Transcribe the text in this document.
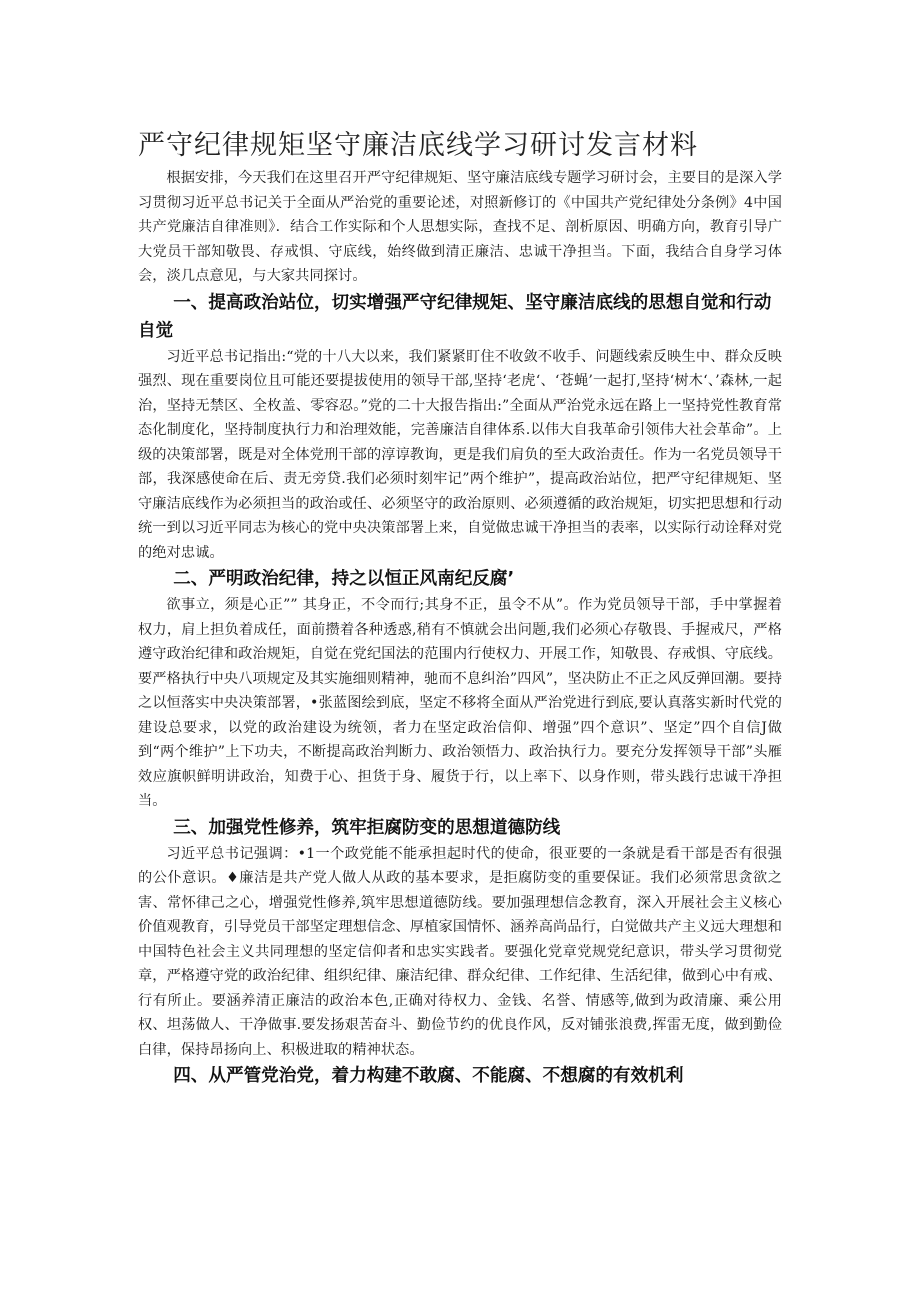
严守纪律规矩坚守廉洁底线学习研讨发言材料

根据安排，今天我们在这里召开严守纪律规矩、坚守廉洁底线专题学习研讨会，主要目的是深入学习贯彻习近平总书记关于全面从严治党的重要论述，对照新修订的《中国共产党纪律处分条例》4中国共产党廉洁自律准则》．结合工作实际和个人思想实际，查找不足、剖析原因、明确方向，教育引导广大党员干部知敬畏、存戒惧、守底线，始终做到清正廉洁、忠诚干净担当。下面，我结合自身学习体会，淡几点意见，与大家共同探讨。

一、提高政治站位，切实增强严守纪律规矩、坚守廉洁底线的思想自觉和行动自觉

习近平总书记指出:“党的十八大以来，我们紧紧盯住不收敛不收手、问题线索反映生中、群众反映强烈、现在重要岗位且可能还要提拔使用的领导干部,坚持‘老虎‘、‘苍蝇’一起打,坚持‘树木‘、’森林,一起治，坚持无禁区、全枚盖、零容忍。”党的二十大报告指出:”全面从严治党永远在路上一坚持党性教育常态化制度化，坚持制度执行力和治理效能，完善廉洁自律体系.以伟大自我革命引领伟大社会革命”。上级的决策部署，既是对全体党刑干部的淳谆教询，更是我们肩负的至大政治责任。作为一名党员领导干部，我深感使命在后、责无旁贷.我们必须时刻牢记”两个维护”，提高政治站位，把严守纪律规矩、坚守廉洁底线作为必须担当的政治或任、必须坚守的政治原则、必须遵循的政治规矩，切实把思想和行动统一到以习近平同志为核心的党中央决策部署上来，自觉做忠诚干净担当的表率，以实际行动诠释对党的绝对忠诚。

二、严明政治纪律，持之以恒正风南纪反腐’

欲事立，须是心正”” 其身正，不令而行;其身不正，虽令不从”。作为党员领导干部，手中掌握着权力，肩上担负着成任，面前攒着各种透惑,稍有不慎就会出问题,我们必须心存敬畏、手握戒尺，严格遵守政治纪律和政治规矩，自觉在党纪国法的范围内行使权力、开展工作，知敬畏、存戒惧、守底线。要严格执行中央八项规定及其实施细则精神，驰而不息纠治”四风”，坚决防止不正之风反弹回潮。要持之以恒落实中央决策部署，•张蓝图绘到底，坚定不移将全面从严治党进行到底,要认真落实新时代党的建设总要求，以党的政治建设为统领，者力在坚定政治信仰、增强”四个意识”、坚定”四个自信J做到“两个维护”上下功夫，不断提高政治判断力、政治领悟力、政治执行力。要充分发挥领导干部”头雁效应旗帜鲜明讲政治，知费于心、担货于身、履货于行，以上率下、以身作则，带头践行忠诚干净担当。

三、加强党性修养，筑牢拒腐防变的思想道德防线

习近平总书记强调：•1一个政党能不能承担起时代的使命，很亚要的一条就是看干部是否有很强的公仆意识。♦廉洁是共产党人做人从政的基本要求，是拒腐防变的重要保证。我们必须常思贪欲之害、常怀律己之心，增强党性修养,筑牢思想道德防线。要加强理想信念教育，深入开展社会主义核心价值观教育，引导党员干部坚定理想信念、厚植家国情怀、涵养高尚品行，白觉做共产主义远大理想和中国特色社会主义共同理想的坚定信仰者和忠实实践者。要强化党章党规党纪意识，带头学习贯彻党章，严格遵守党的政治纪律、组织纪律、廉洁纪律、群众纪律、工作纪律、生活纪律，做到心中有戒、行有所止。要涵养清正廉洁的政治本色,正确对待权力、金钱、名誉、情感等,做到为政清廉、乘公用权、坦荡做人、干净做事.要发扬艰苦奋斗、勤俭节约的优良作风，反对铺张浪费,挥雷无度，做到勤俭白律，保持昂扬向上、积极进取的精神状态。

四、从严管党治党，着力构建不敢腐、不能腐、不想腐的有效机利
